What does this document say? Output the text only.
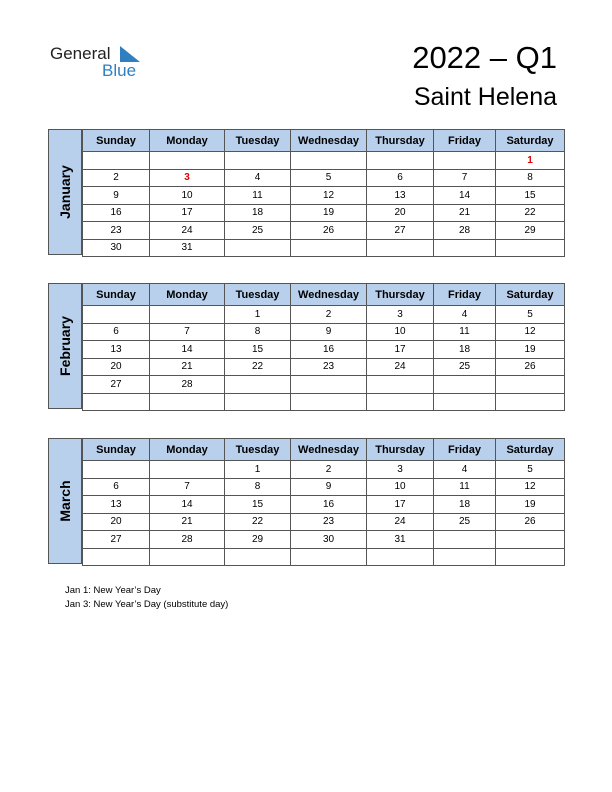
General
Blue	2022 – Q1
Saint Helena
January
Sunday	Monday	Tuesday	Wednesday	Thursday	Friday	Saturday
						1
2	3	4	5	6	7	8
9	10	11	12	13	14	15
16	17	18	19	20	21	22
23	24	25	26	27	28	29
30	31					
February
Sunday	Monday	Tuesday	Wednesday	Thursday	Friday	Saturday
		1	2	3	4	5
6	7	8	9	10	11	12
13	14	15	16	17	18	19
20	21	22	23	24	25	26
27	28					

March
Sunday	Monday	Tuesday	Wednesday	Thursday	Friday	Saturday
		1	2	3	4	5
6	7	8	9	10	11	12
13	14	15	16	17	18	19
20	21	22	23	24	25	26
27	28	29	30	31		

Jan 1: New Year’s Day
Jan 3: New Year’s Day (substitute day)
